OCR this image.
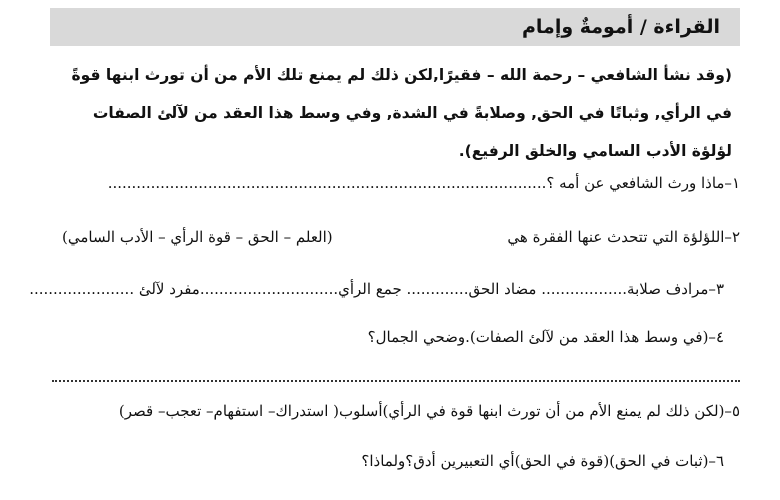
القراءة / أمومةٌ وإمام
(وقد نشأ الشافعي – رحمة الله – فقيرًا,لكن ذلك لم يمنع تلك الأم من أن تورث ابنها قوةً في الرأي, وثباتًا في الحق, وصلابةً في الشدة, وفي وسط هذا العقد من لآلئ الصفات لؤلؤة الأدب السامي والخلق الرفيع).
١–ماذا ورث الشافعي عن أمه ؟............................................................................................
٢–اللؤلؤة التي تتحدث عنها الفقرة هي
(العلم – الحق – قوة الرأي – الأدب السامي)
٣–مرادف صلابة.................. مضاد الحق............. جمع الرأي.............................مفرد لآلئ ......................
٤–(في وسط هذا العقد من لآلئ الصفات).وضحي الجمال؟
٥–(لكن ذلك لم يمنع الأم من أن تورث ابنها قوة في الرأي)أسلوب( استدراك– استفهام– تعجب– قصر)
٦–(ثبات في الحق)(قوة في الحق)أي التعبيرين أدق؟ولماذا؟
